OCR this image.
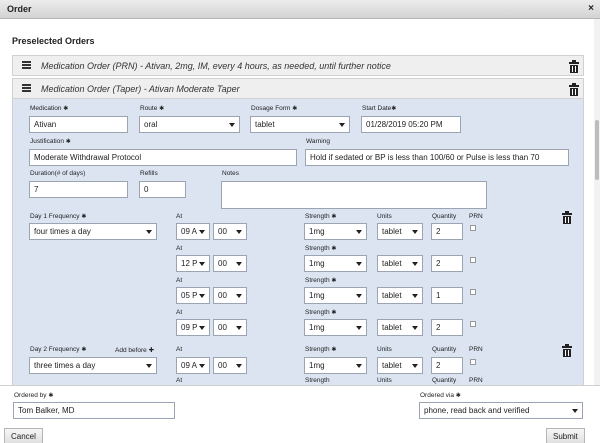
Order	×
Preselected Orders
Medication Order (PRN) - Ativan, 2mg, IM, every 4 hours, as needed, until further notice
Medication Order (Taper) - Ativan Moderate Taper
Medication ✱	Route ✱	Dosage Form ✱	Start Date✱
Ativan	oral	tablet	01/28/2019 05:20 PM
Justification ✱	Warning
Moderate Withdrawal Protocol	Hold if sedated or BP is less than 100/60 or Pulse is less than 70
Duration(# of days)	Refills	Notes
7	0
Day 1 Frequency ✱
four times a day
At	Strength ✱	Units	Quantity PRN
09 A	00	1mg	tablet	2
At	Strength ✱
12 P	00	1mg	tablet	2
At	Strength ✱
05 P	00	1mg	tablet	1
At	Strength ✱
09 P	00	1mg	tablet	2
Day 2 Frequency ✱	Add before ✚
three times a day
At	Strength ✱	Units	Quantity PRN
09 A	00	1mg	tablet	2
At	Strength	Units	Quantity PRN
Ordered by ✱
Tom Balker, MD
Ordered via ✱
phone, read back and verified
Cancel	Submit
